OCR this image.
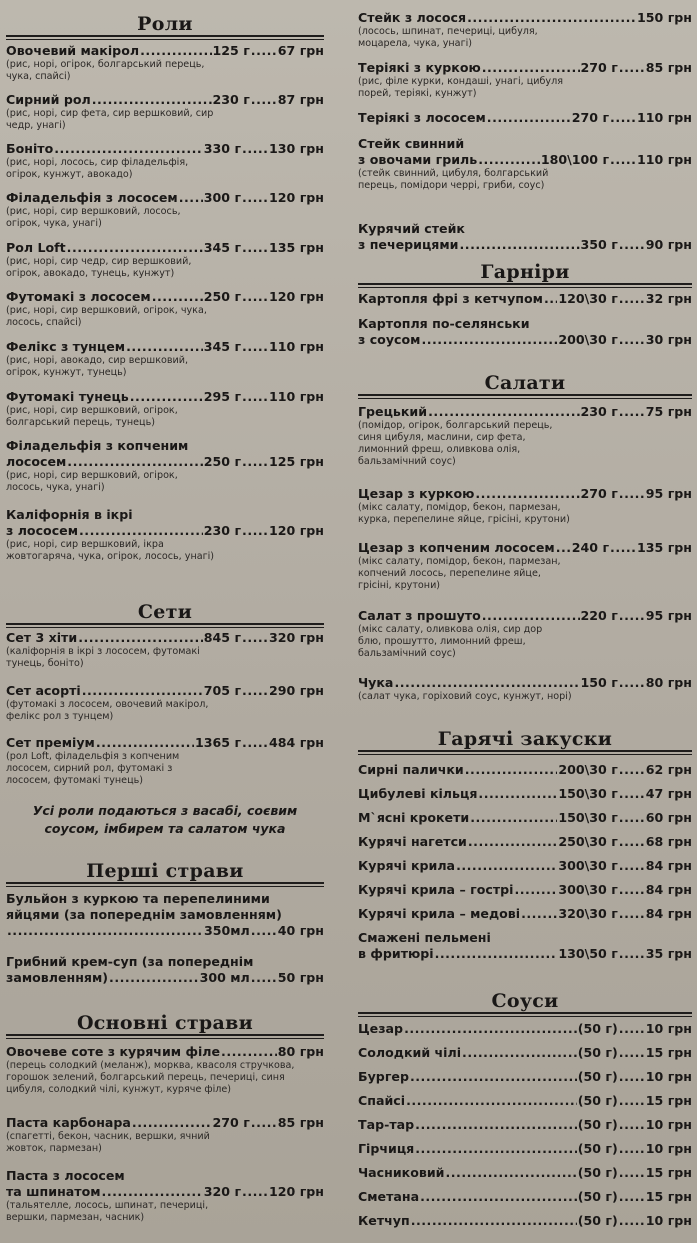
Роли
Овочевий макірол .....	125 г ..... 67 грн
(рис, норі, огірок, болгарський перець,
чука, спайсі)
Сирний рол .....	230 г ..... 87 грн
(рис, норі, сир фета, сир вершковий, сир
чедр, унагі)
Боніто .....	330 г ..... 130 грн
(рис, норі, лосось, сир філадельфія,
огірок, кунжут, авокадо)
Філадельфія з лососем ..... 300 г ..... 120 грн
(рис, норі, сир вершковий, лосось,
огірок, чука, унагі)
Рол Loft .....	345 г ..... 135 грн
(рис, норі, сир чедр, сир вершковий,
огірок, авокадо, тунець, кунжут)
Футомакі з лососем .....	250 г ..... 120 грн
(рис, норі, сир вершковий, огірок, чука,
лосось, спайсі)
Фелікс з тунцем .....	345 г ..... 110 грн
(рис, норі, авокадо, сир вершковий,
огірок, кунжут, тунець)
Футомакі тунець .....	295 г ..... 110 грн
(рис, норі, сир вершковий, огірок,
болгарський перець, тунець)
Філадельфія з копченим
лососем .....	250 г ..... 125 грн
(рис, норі, сир вершковий, огірок,
лосось, чука, унагі)
Каліфорнія в ікрі
з лососем .....	230 г ..... 120 грн
(рис, норі, сир вершковий, ікра
жовтогаряча, чука, огірок, лосось, унагі)
Сети
Сет 3 хіти .....	845 г ..... 320 грн
(каліфорнія в ікрі з лососем, футомакі
тунець, боніто)
Сет асорті .....	705 г ..... 290 грн
(футомакі з лососем, овочевий макірол,
фелікс рол з тунцем)
Сет преміум .....	1365 г ..... 484 грн
(рол Loft, філадельфія з копченим
лососем, сирний рол, футомакі з
лососем, футомакі тунець)
Усі роли подаються з васабі, соєвим
соусом, імбирем та салатом чука
Перші страви
Бульйон з куркою та перепелиними
яйцями (за попереднім замовленням)
.....
350мл ..... 40 грн
Грибний крем-суп (за попереднім
замовленням) .....	300 мл ..... 50 грн
Основні страви
Овочеве соте з курячим філе .....	80 грн
(перець солодкий (меланж), морква, квасоля стручкова,
горошок зелений, болгарський перець, печериці, синя
цибуля, солодкий чілі, кунжут, куряче філе)
Паста карбонара .....	270 г ..... 85 грн
(спагетті, бекон, часник, вершки, ячний
жовток, пармезан)
Паста з лососем
та шпинатом .....	320 г ..... 120 грн
(тальятелле, лосось, шпинат, печериці,
вершки, пармезан, часник)
Стейк з лосося .....	150 грн
(лосось, шпинат, печериці, цибуля,
моцарела, чука, унагі)
Теріякі з куркою .....	270 г ..... 85 грн
(рис, філе курки, кондаші, унагі, цибуля
порей, теріякі, кунжут)
Теріякі з лососем .....	270 г ..... 110 грн
Стейк свинний
з овочами гриль .....	180\100 г ..... 110 грн
(стейк свинний, цибуля, болгарський
перець, помідори черрі, гриби, соус)
Курячий стейк
з печерицями .....	350 г ..... 90 грн
Гарніри
Картопля фрі з кетчупом ..... 120\30 г ..... 32 грн
Картопля по-селянськи
з соусом .....	200\30 г ..... 30 грн
Салати
Грецький .....	230 г ..... 75 грн
(помідор, огірок, болгарський перець,
синя цибуля, маслини, сир фета,
лимонний фреш, оливкова олія,
бальзамічний соус)
Цезар з куркою .....	270 г ..... 95 грн
(мікс салату, помідор, бекон, пармезан,
курка, перепелине яйце, грісіні, крутони)
Цезар з копченим лососем ..... 240 г ..... 135 грн
(мікс салату, помідор, бекон, пармезан,
копчений лосось, перепелине яйце,
грісіні, крутони)
Салат з прошуто .....	220 г ..... 95 грн
(мікс салату, оливкова олія, сир дор
блю, прошутто, лимонний фреш,
бальзамічний соус)
Чука .....	150 г ..... 80 грн
(салат чука, горіховий соус, кунжут, норі)
Гарячі закуски
Сирні палички .....	200\30 г ..... 62 грн
Цибулеві кільця .....	150\30 г ..... 47 грн
М`ясні крокети .....	150\30 г ..... 60 грн
Курячі нагетси .....	250\30 г ..... 68 грн
Курячі крила .....	300\30 г ..... 84 грн
Курячі крила – гострі .....	300\30 г ..... 84 грн
Курячі крила – медові .....	320\30 г ..... 84 грн
Смажені пельмені
в фритюрі .....	130\50 г ..... 35 грн
Соуси
Цезар .....	(50 г) ..... 10 грн
Солодкий чілі .....	(50 г) ..... 15 грн
Бургер .....	(50 г) ..... 10 грн
Спайсі .....	(50 г) ..... 15 грн
Тар-тар .....	(50 г) ..... 10 грн
Гірчиця .....	(50 г) ..... 10 грн
Часниковий .....	(50 г) ..... 15 грн
Сметана .....	(50 г) ..... 15 грн
Кетчуп .....	(50 г) ..... 10 грн
